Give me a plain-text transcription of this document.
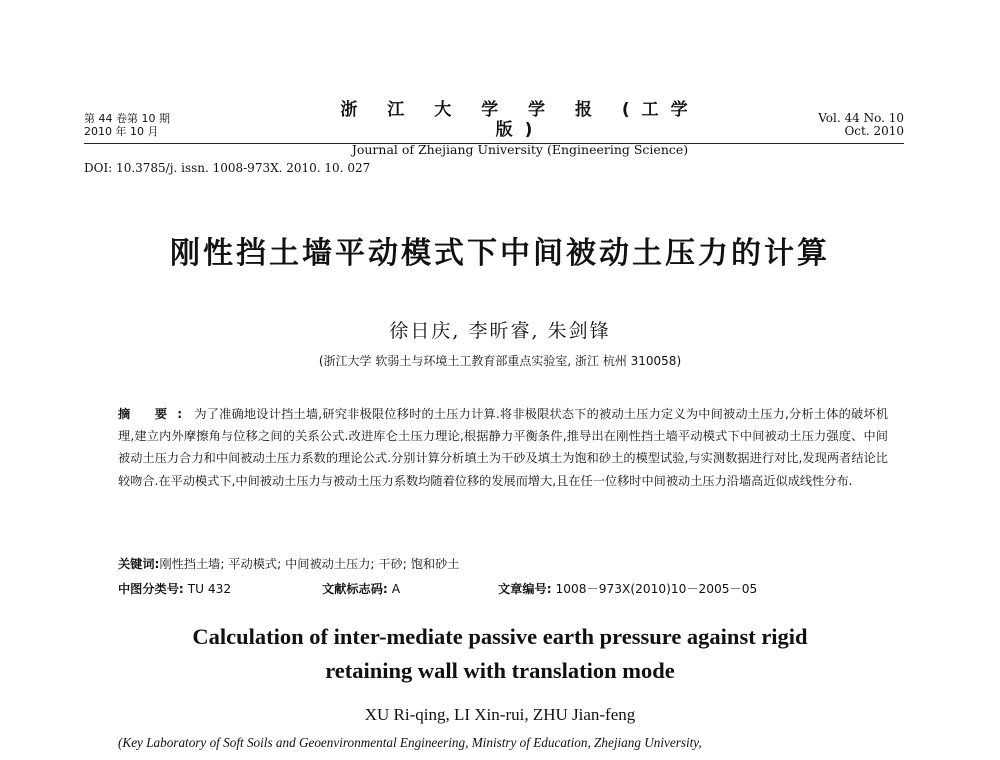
第 44 卷第 10 期
2010 年 10 月
浙 江 大 学 学 报 (工学版)
Journal of Zhejiang University (Engineering Science)
Vol. 44 No. 10
Oct. 2010
DOI: 10.3785/j. issn. 1008-973X. 2010. 10. 027
刚性挡土墙平动模式下中间被动土压力的计算
徐日庆, 李昕睿, 朱剑锋
(浙江大学 软弱土与环境土工教育部重点实验室, 浙江 杭州 310058)
摘 要: 为了准确地设计挡土墙,研究非极限位移时的土压力计算.将非极限状态下的被动土压力定义为中间被动土压力,分析土体的破坏机理,建立内外摩擦角与位移之间的关系公式.改进库仑土压力理论,根据静力平衡条件,推导出在刚性挡土墙平动模式下中间被动土压力强度、中间被动土压力合力和中间被动土压力系数的理论公式.分别计算分析填土为干砂及填土为饱和砂土的模型试验,与实测数据进行对比,发现两者结论比较吻合.在平动模式下,中间被动土压力与被动土压力系数均随着位移的发展而增大,且在任一位移时中间被动土压力沿墙高近似成线性分布.
关键词:刚性挡土墙; 平动模式; 中间被动土压力; 干砂; 饱和砂土
中图分类号: TU 432	文献标志码: A	文章编号: 1008－973X(2010)10－2005－05
Calculation of inter-mediate passive earth pressure against rigid
retaining wall with translation mode
XU Ri-qing, LI Xin-rui, ZHU Jian-feng
(Key Laboratory of Soft Soils and Geoenvironmental Engineering, Ministry of Education, Zhejiang University,
